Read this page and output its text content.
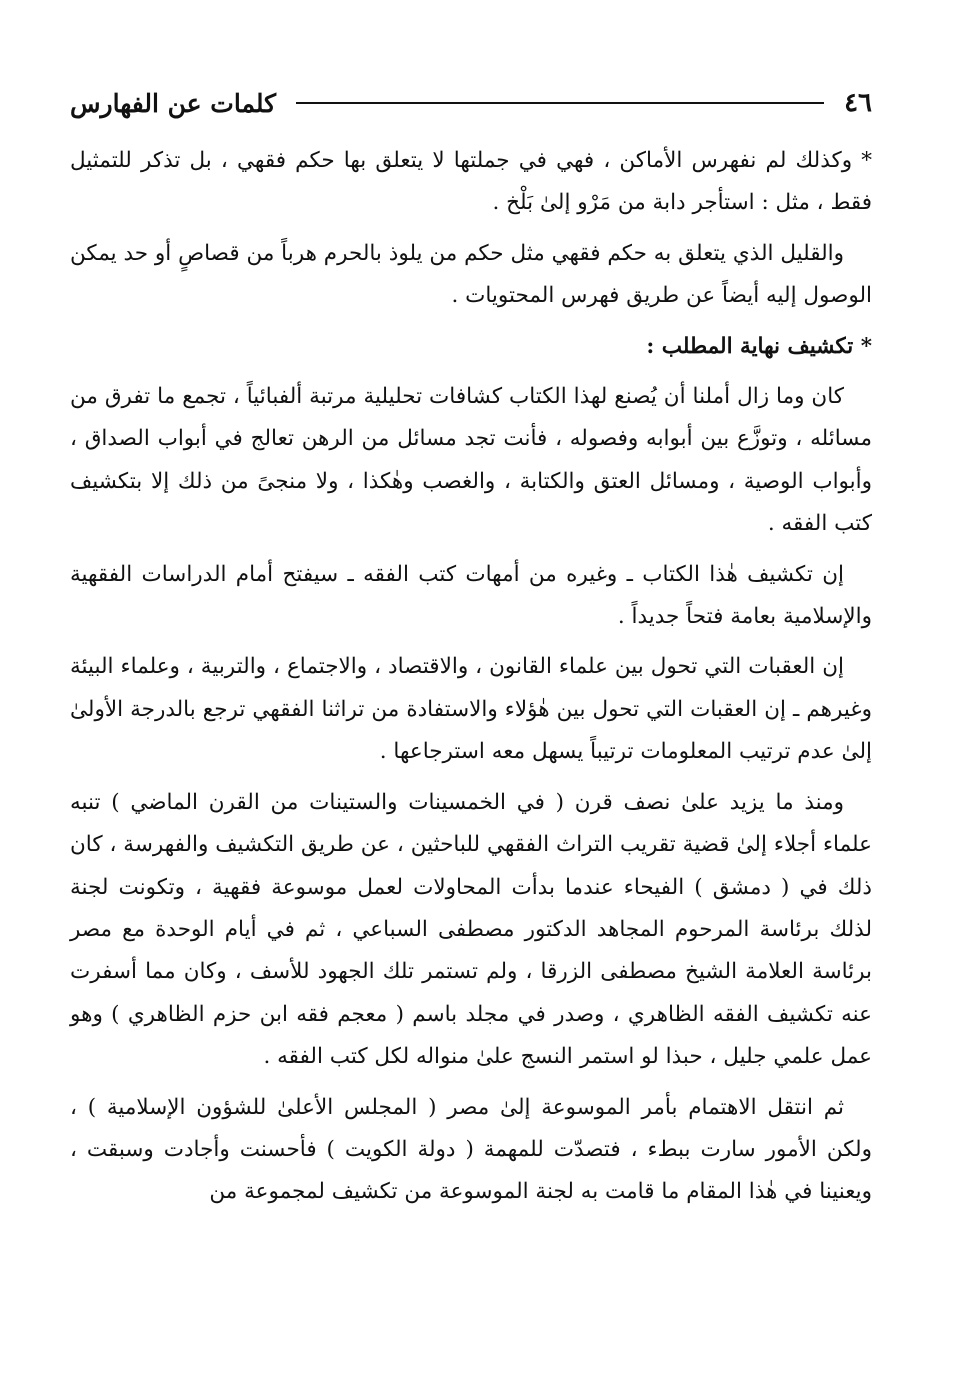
٤٦
كلمات عن الفهارس

* وكذلك لم نفهرس الأماكن ، فهي في جملتها لا يتعلق بها حكم فقهي ، بل تذكر للتمثيل فقط ، مثل : استأجر دابة من مَرْو إلىٰ بَلْخ .

والقليل الذي يتعلق به حكم فقهي مثل حكم من يلوذ بالحرم هرباً من قصاصٍ أو حد يمكن الوصول إليه أيضاً عن طريق فهرس المحتويات .

* تكشيف نهاية المطلب :

كان وما زال أملنا أن يُصنع لهذا الكتاب كشافات تحليلية مرتبة ألفبائياً ، تجمع ما تفرق من مسائله ، وتوزَّع بين أبوابه وفصوله ، فأنت تجد مسائل من الرهن تعالج في أبواب الصداق ، وأبواب الوصية ، ومسائل العتق والكتابة ، والغصب وهٰكذا ، ولا منجىً من ذلك إلا بتكشيف كتب الفقه .

إن تكشيف هٰذا الكتاب ـ وغيره من أمهات كتب الفقه ـ سيفتح أمام الدراسات الفقهية والإسلامية بعامة فتحاً جديداً .

إن العقبات التي تحول بين علماء القانون ، والاقتصاد ، والاجتماع ، والتربية ، وعلماء البيئة وغيرهم ـ إن العقبات التي تحول بين هٰؤلاء والاستفادة من تراثنا الفقهي ترجع بالدرجة الأولىٰ إلىٰ عدم ترتيب المعلومات ترتيباً يسهل معه استرجاعها .

ومنذ ما يزيد علىٰ نصف قرن ( في الخمسينات والستينات من القرن الماضي ) تنبه علماء أجلاء إلىٰ قضية تقريب التراث الفقهي للباحثين ، عن طريق التكشيف والفهرسة ، كان ذلك في ( دمشق ) الفيحاء عندما بدأت المحاولات لعمل موسوعة فقهية ، وتكونت لجنة لذلك برئاسة المرحوم المجاهد الدكتور مصطفى السباعي ، ثم في أيام الوحدة مع مصر برئاسة العلامة الشيخ مصطفى الزرقا ، ولم تستمر تلك الجهود للأسف ، وكان مما أسفرت عنه تكشيف الفقه الظاهري ، وصدر في مجلد باسم ( معجم فقه ابن حزم الظاهري ) وهو عمل علمي جليل ، حبذا لو استمر النسج علىٰ منواله لكل كتب الفقه .

ثم انتقل الاهتمام بأمر الموسوعة إلىٰ مصر ( المجلس الأعلىٰ للشؤون الإسلامية ) ، ولكن الأمور سارت ببطء ، فتصدّت للمهمة ( دولة الكويت ) فأحسنت وأجادت وسبقت ، ويعنينا في هٰذا المقام ما قامت به لجنة الموسوعة من تكشيف لمجموعة من
